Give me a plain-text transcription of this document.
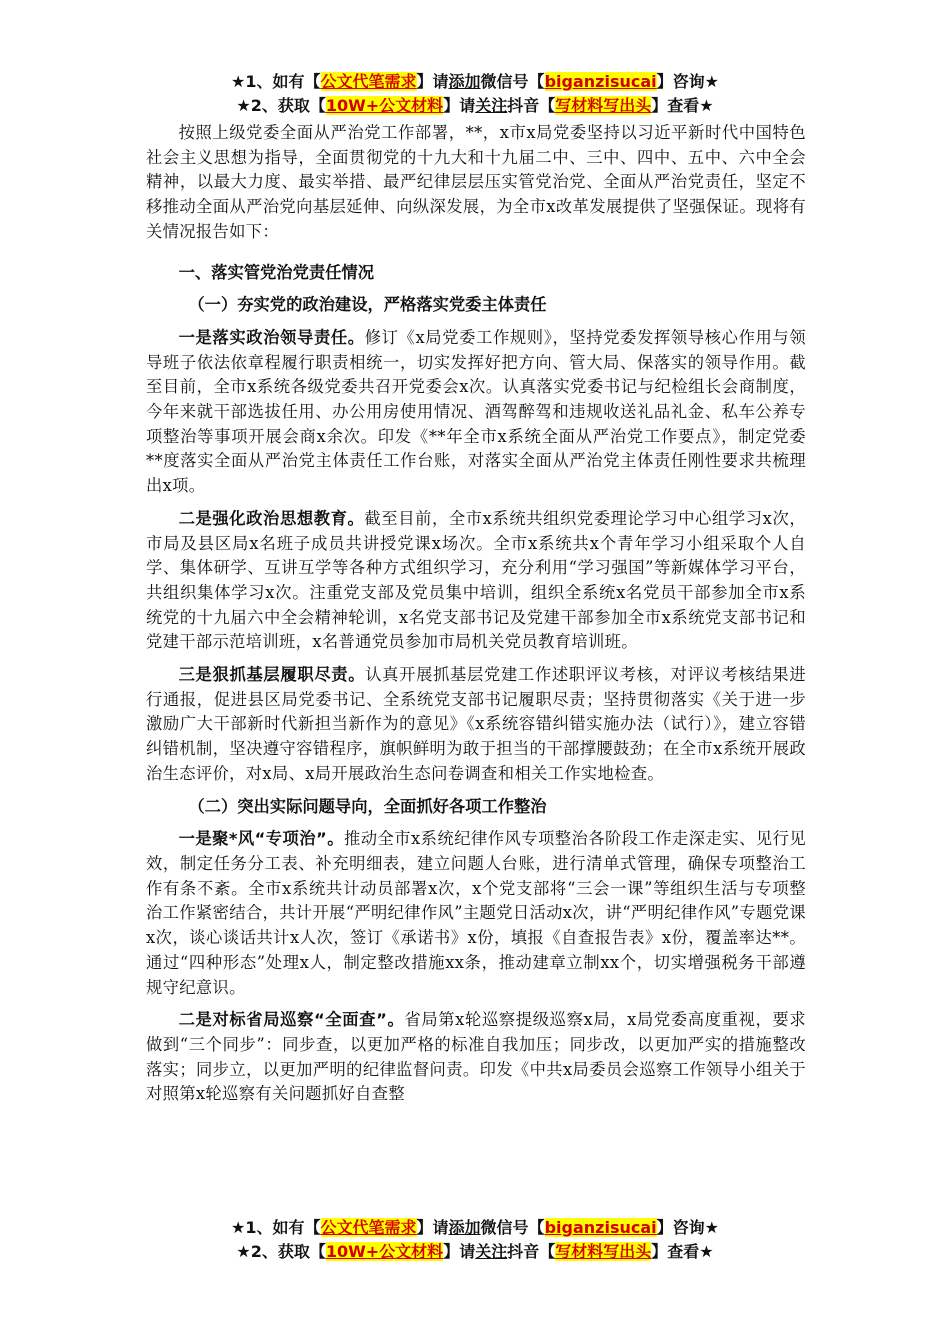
★1、如有【公文代笔需求】请添加微信号【biganzisucai】咨询★
★2、获取【10W+公文材料】请关注抖音【写材料写出头】查看★

按照上级党委全面从严治党工作部署，**，x市x局党委坚持以习近平新时代中国特色社会主义思想为指导，全面贯彻党的十九大和十九届二中、三中、四中、五中、六中全会精神，以最大力度、最实举措、最严纪律层层压实管党治党、全面从严治党责任，坚定不移推动全面从严治党向基层延伸、向纵深发展，为全市x改革发展提供了坚强保证。现将有关情况报告如下：

一、落实管党治党责任情况

（一）夯实党的政治建设，严格落实党委主体责任

一是落实政治领导责任。修订《x局党委工作规则》，坚持党委发挥领导核心作用与领导班子依法依章程履行职责相统一，切实发挥好把方向、管大局、保落实的领导作用。截至目前，全市x系统各级党委共召开党委会x次。认真落实党委书记与纪检组长会商制度，今年来就干部选拔任用、办公用房使用情况、酒驾醉驾和违规收送礼品礼金、私车公养专项整治等事项开展会商x余次。印发《**年全市x系统全面从严治党工作要点》，制定党委**度落实全面从严治党主体责任工作台账，对落实全面从严治党主体责任刚性要求共梳理出x项。

二是强化政治思想教育。截至目前，全市x系统共组织党委理论学习中心组学习x次，市局及县区局x名班子成员共讲授党课x场次。全市x系统共x个青年学习小组采取个人自学、集体研学、互讲互学等各种方式组织学习，充分利用“学习强国”等新媒体学习平台，共组织集体学习x次。注重党支部及党员集中培训，组织全系统x名党员干部参加全市x系统党的十九届六中全会精神轮训，x名党支部书记及党建干部参加全市x系统党支部书记和党建干部示范培训班，x名普通党员参加市局机关党员教育培训班。

三是狠抓基层履职尽责。认真开展抓基层党建工作述职评议考核，对评议考核结果进行通报，促进县区局党委书记、全系统党支部书记履职尽责；坚持贯彻落实《关于进一步激励广大干部新时代新担当新作为的意见》《x系统容错纠错实施办法（试行）》，建立容错纠错机制，坚决遵守容错程序，旗帜鲜明为敢于担当的干部撑腰鼓劲；在全市x系统开展政治生态评价，对x局、x局开展政治生态问卷调查和相关工作实地检查。

（二）突出实际问题导向，全面抓好各项工作整治

一是聚*风“专项治”。推动全市x系统纪律作风专项整治各阶段工作走深走实、见行见效，制定任务分工表、补充明细表，建立问题人台账，进行清单式管理，确保专项整治工作有条不紊。全市x系统共计动员部署x次，x个党支部将“三会一课”等组织生活与专项整治工作紧密结合，共计开展“严明纪律作风”主题党日活动x次，讲“严明纪律作风”专题党课x次，谈心谈话共计x人次，签订《承诺书》x份，填报《自查报告表》x份，覆盖率达**。通过“四种形态”处理x人，制定整改措施xx条，推动建章立制xx个，切实增强税务干部遵规守纪意识。

二是对标省局巡察“全面查”。省局第x轮巡察提级巡察x局，x局党委高度重视，要求做到“三个同步”：同步查，以更加严格的标准自我加压；同步改，以更加严实的措施整改落实；同步立，以更加严明的纪律监督问责。印发《中共x局委员会巡察工作领导小组关于对照第x轮巡察有关问题抓好自查整

★1、如有【公文代笔需求】请添加微信号【biganzisucai】咨询★
★2、获取【10W+公文材料】请关注抖音【写材料写出头】查看★
